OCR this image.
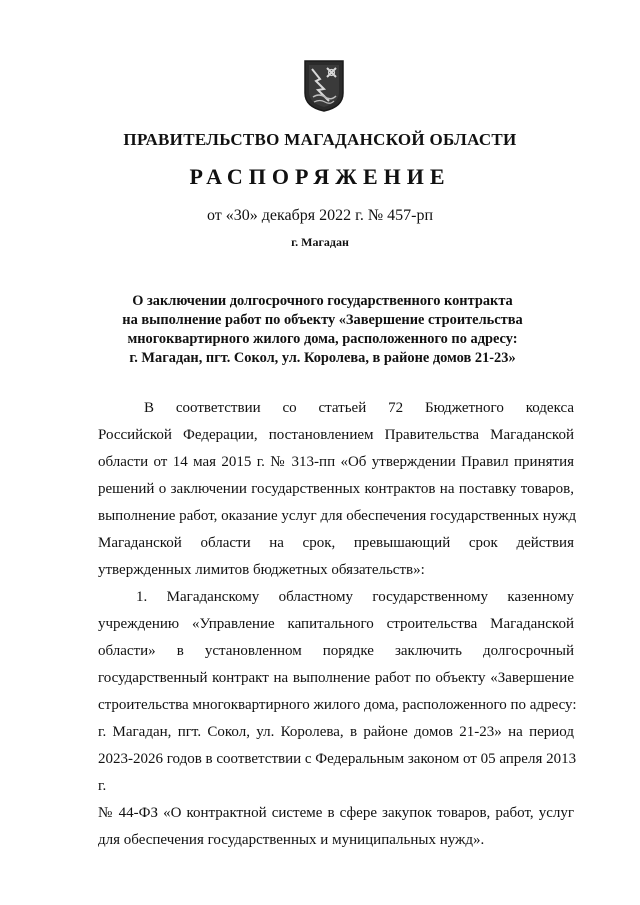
ПРАВИТЕЛЬСТВО МАГАДАНСКОЙ ОБЛАСТИ
РАСПОРЯЖЕНИЕ
от «30» декабря 2022 г. № 457-рп
г. Магадан
О заключении долгосрочного государственного контракта
на выполнение работ по объекту «Завершение строительства
многоквартирного жилого дома, расположенного по адресу:
г. Магадан, пгт. Сокол, ул. Королева, в районе домов 21-23»
В соответствии со статьей 72 Бюджетного кодекса
Российской Федерации, постановлением Правительства Магаданской
области от 14 мая 2015 г. № 313-пп «Об утверждении Правил принятия
решений о заключении государственных контрактов на поставку товаров,
выполнение работ, оказание услуг для обеспечения государственных нужд
Магаданской области на срок, превышающий срок действия
утвержденных лимитов бюджетных обязательств»:
1. Магаданскому областному государственному казенному
учреждению «Управление капитального строительства Магаданской
области» в установленном порядке заключить долгосрочный
государственный контракт на выполнение работ по объекту «Завершение
строительства многоквартирного жилого дома, расположенного по адресу:
г. Магадан, пгт. Сокол, ул. Королева, в районе домов 21-23» на период
2023-2026 годов в соответствии с Федеральным законом от 05 апреля 2013
г.
№ 44-ФЗ «О контрактной системе в сфере закупок товаров, работ, услуг
для обеспечения государственных и муниципальных нужд».
